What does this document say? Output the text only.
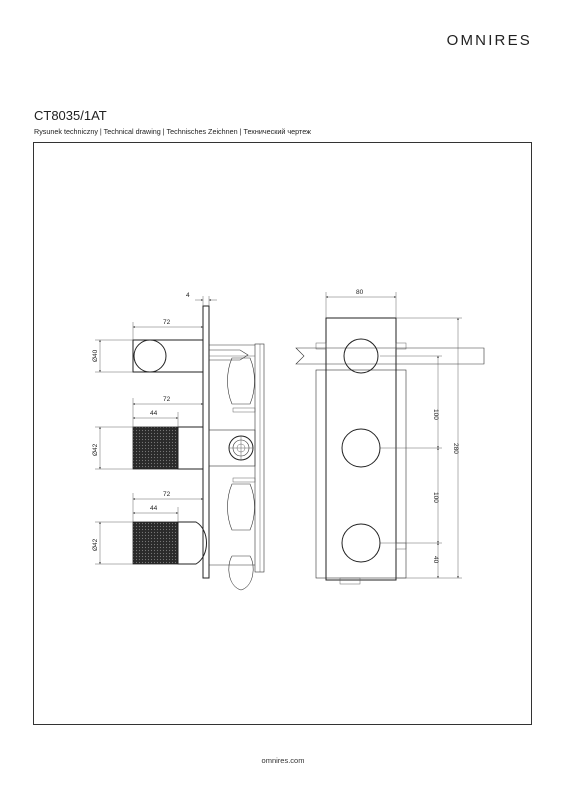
OMNIRES
CT8035/1AT
Rysunek techniczny | Technical drawing | Technisches Zeichnen | Технический чертеж
4
72
Ø40
72
44
Ø42
72
44
Ø42
80
100
100
40
280
omnires.com
